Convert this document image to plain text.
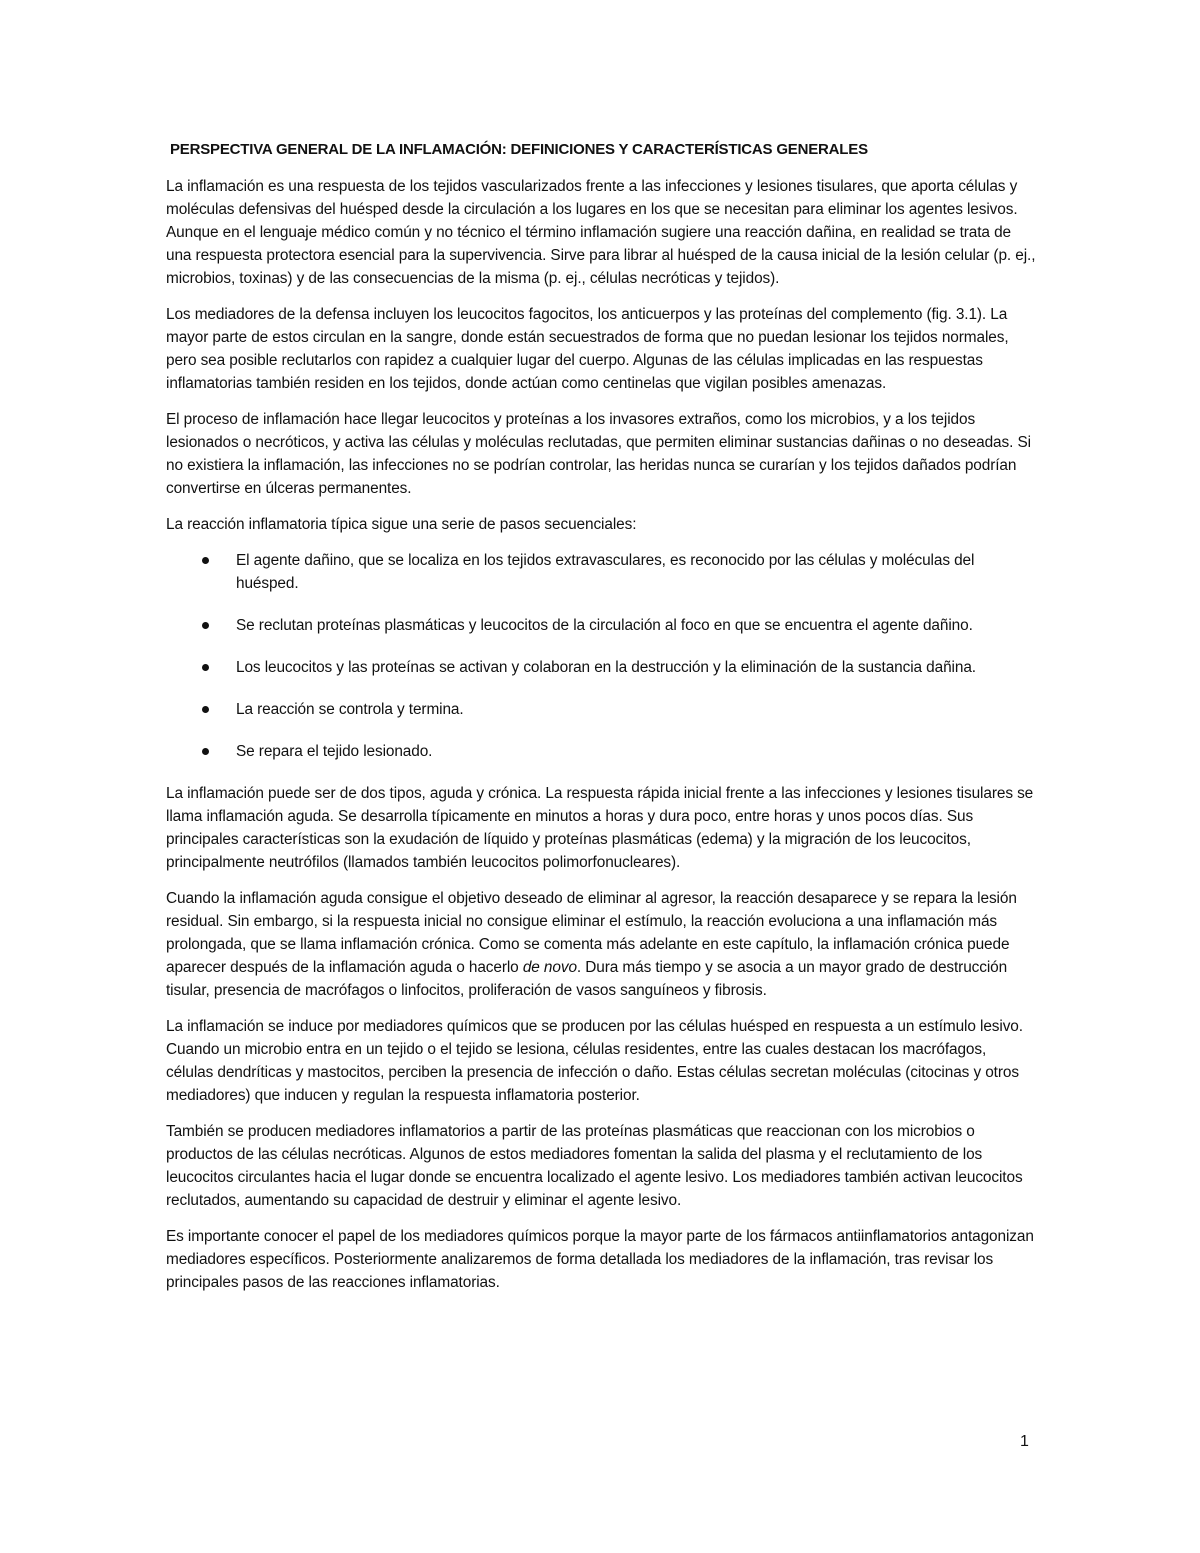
PERSPECTIVA GENERAL DE LA INFLAMACIÓN: DEFINICIONES Y CARACTERÍSTICAS GENERALES

La inflamación es una respuesta de los tejidos vascularizados frente a las infecciones y lesiones tisulares, que aporta células y moléculas defensivas del huésped desde la circulación a los lugares en los que se necesitan para eliminar los agentes lesivos. Aunque en el lenguaje médico común y no técnico el término inflamación sugiere una reacción dañina, en realidad se trata de una respuesta protectora esencial para la supervivencia. Sirve para librar al huésped de la causa inicial de la lesión celular (p. ej., microbios, toxinas) y de las consecuencias de la misma (p. ej., células necróticas y tejidos).

Los mediadores de la defensa incluyen los leucocitos fagocitos, los anticuerpos y las proteínas del complemento (fig. 3.1). La mayor parte de estos circulan en la sangre, donde están secuestrados de forma que no puedan lesionar los tejidos normales, pero sea posible reclutarlos con rapidez a cualquier lugar del cuerpo. Algunas de las células implicadas en las respuestas inflamatorias también residen en los tejidos, donde actúan como centinelas que vigilan posibles amenazas.

El proceso de inflamación hace llegar leucocitos y proteínas a los invasores extraños, como los microbios, y a los tejidos lesionados o necróticos, y activa las células y moléculas reclutadas, que permiten eliminar sustancias dañinas o no deseadas. Si no existiera la inflamación, las infecciones no se podrían controlar, las heridas nunca se curarían y los tejidos dañados podrían convertirse en úlceras permanentes.

La reacción inflamatoria típica sigue una serie de pasos secuenciales:

El agente dañino, que se localiza en los tejidos extravasculares, es reconocido por las células y moléculas del huésped.
Se reclutan proteínas plasmáticas y leucocitos de la circulación al foco en que se encuentra el agente dañino.
Los leucocitos y las proteínas se activan y colaboran en la destrucción y la eliminación de la sustancia dañina.
La reacción se controla y termina.
Se repara el tejido lesionado.

La inflamación puede ser de dos tipos, aguda y crónica. La respuesta rápida inicial frente a las infecciones y lesiones tisulares se llama inflamación aguda. Se desarrolla típicamente en minutos a horas y dura poco, entre horas y unos pocos días. Sus principales características son la exudación de líquido y proteínas plasmáticas (edema) y la migración de los leucocitos, principalmente neutrófilos (llamados también leucocitos polimorfonucleares).

Cuando la inflamación aguda consigue el objetivo deseado de eliminar al agresor, la reacción desaparece y se repara la lesión residual. Sin embargo, si la respuesta inicial no consigue eliminar el estímulo, la reacción evoluciona a una inflamación más prolongada, que se llama inflamación crónica. Como se comenta más adelante en este capítulo, la inflamación crónica puede aparecer después de la inflamación aguda o hacerlo de novo. Dura más tiempo y se asocia a un mayor grado de destrucción tisular, presencia de macrófagos o linfocitos, proliferación de vasos sanguíneos y fibrosis.

La inflamación se induce por mediadores químicos que se producen por las células huésped en respuesta a un estímulo lesivo. Cuando un microbio entra en un tejido o el tejido se lesiona, células residentes, entre las cuales destacan los macrófagos, células dendríticas y mastocitos, perciben la presencia de infección o daño. Estas células secretan moléculas (citocinas y otros mediadores) que inducen y regulan la respuesta inflamatoria posterior.

También se producen mediadores inflamatorios a partir de las proteínas plasmáticas que reaccionan con los microbios o productos de las células necróticas. Algunos de estos mediadores fomentan la salida del plasma y el reclutamiento de los leucocitos circulantes hacia el lugar donde se encuentra localizado el agente lesivo. Los mediadores también activan leucocitos reclutados, aumentando su capacidad de destruir y eliminar el agente lesivo.

Es importante conocer el papel de los mediadores químicos porque la mayor parte de los fármacos antiinflamatorios antagonizan mediadores específicos. Posteriormente analizaremos de forma detallada los mediadores de la inflamación, tras revisar los principales pasos de las reacciones inflamatorias.

1
